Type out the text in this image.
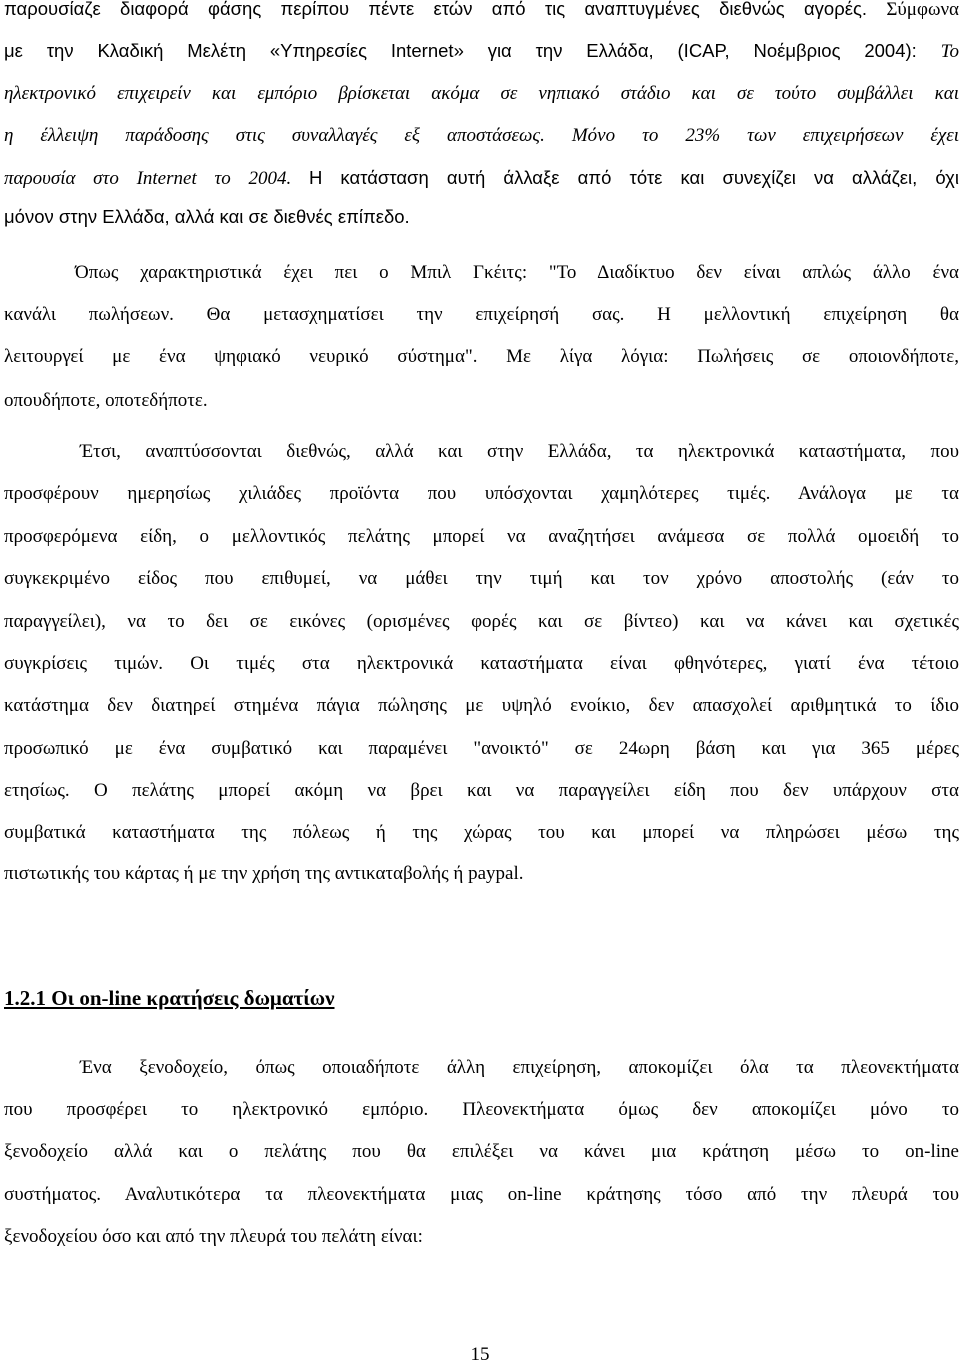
παρουσίαζε διαφορά φάσης περίπου πέντε ετών από τις αναπτυγμένες διεθνώς αγορές. Σύμφωνα
με την Κλαδική Μελέτη «Υπηρεσίες Internet» για την Ελλάδα, (ICAP, Νοέμβριος 2004): Το
ηλεκτρονικό επιχειρείν και εμπόριο βρίσκεται ακόμα σε νηπιακό στάδιο και σε τούτο συμβάλλει και
η έλλειψη παράδοσης στις συναλλαγές εξ αποστάσεως. Μόνο το 23% των επιχειρήσεων έχει
παρουσία στο Internet το 2004. Η κατάσταση αυτή άλλαξε από τότε και συνεχίζει να αλλάζει, όχι
μόνον στην Ελλάδα, αλλά και σε διεθνές επίπεδο.
Όπως χαρακτηριστικά έχει πει ο Μπιλ Γκέιτς: "Το Διαδίκτυο δεν είναι απλώς άλλο ένα
κανάλι πωλήσεων. Θα μετασχηματίσει την επιχείρησή σας. Η μελλοντική επιχείρηση θα
λειτουργεί με ένα ψηφιακό νευρικό σύστημα". Με λίγα λόγια: Πωλήσεις σε οποιονδήποτε,
οπουδήποτε, οποτεδήποτε.
Έτσι, αναπτύσσονται διεθνώς, αλλά και στην Ελλάδα, τα ηλεκτρονικά καταστήματα, που
προσφέρουν ημερησίως χιλιάδες προϊόντα που υπόσχονται χαμηλότερες τιμές. Ανάλογα με τα
προσφερόμενα είδη, ο μελλοντικός πελάτης μπορεί να αναζητήσει ανάμεσα σε πολλά ομοειδή το
συγκεκριμένο είδος που επιθυμεί, να μάθει την τιμή και τον χρόνο αποστολής (εάν το
παραγγείλει), να το δει σε εικόνες (ορισμένες φορές και σε βίντεο) και να κάνει και σχετικές
συγκρίσεις τιμών. Οι τιμές στα ηλεκτρονικά καταστήματα είναι φθηνότερες, γιατί ένα τέτοιο
κατάστημα δεν διατηρεί στημένα πάγια πώλησης με υψηλό ενοίκιο, δεν απασχολεί αριθμητικά το ίδιο
προσωπικό με ένα συμβατικό και παραμένει "ανοικτό" σε 24ωρη βάση και για 365 μέρες
ετησίως. Ο πελάτης μπορεί ακόμη να βρει και να παραγγείλει είδη που δεν υπάρχουν στα
συμβατικά καταστήματα της πόλεως ή της χώρας του και μπορεί να πληρώσει μέσω της
πιστωτικής του κάρτας ή με την χρήση της αντικαταβολής ή paypal.
1.2.1 Οι on-line κρατήσεις δωματίων
Ένα ξενοδοχείο, όπως οποιαδήποτε άλλη επιχείρηση, αποκομίζει όλα τα πλεονεκτήματα
που προσφέρει το ηλεκτρονικό εμπόριο. Πλεονεκτήματα όμως δεν αποκομίζει μόνο το
ξενοδοχείο αλλά και ο πελάτης που θα επιλέξει να κάνει μια κράτηση μέσω το on-line
συστήματος. Αναλυτικότερα τα πλεονεκτήματα μιας on-line κράτησης τόσο από την πλευρά του
ξενοδοχείου όσο και από την πλευρά του πελάτη είναι:
15
